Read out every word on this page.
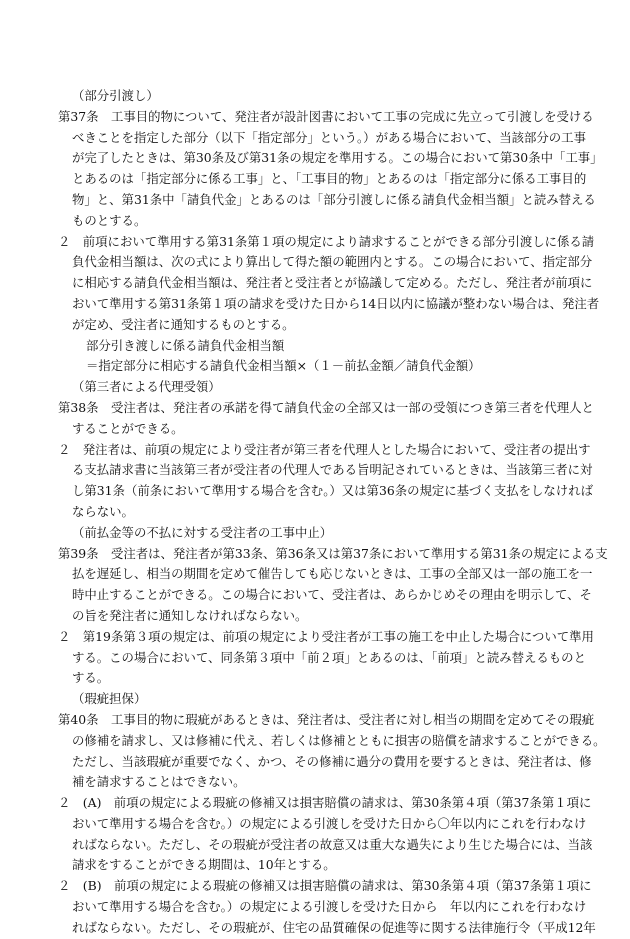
（部分引渡し）
第37条　工事目的物について、発注者が設計図書において工事の完成に先立って引渡しを受ける
べきことを指定した部分（以下「指定部分」という。）がある場合において、当該部分の工事
が完了したときは、第30条及び第31条の規定を準用する。この場合において第30条中「工事」
とあるのは「指定部分に係る工事」と、「工事目的物」とあるのは「指定部分に係る工事目的
物」と、第31条中「請負代金」とあるのは「部分引渡しに係る請負代金相当額」と読み替える
ものとする。
２　前項において準用する第31条第１項の規定により請求することができる部分引渡しに係る請
負代金相当額は、次の式により算出して得た額の範囲内とする。この場合において、指定部分
に相応する請負代金相当額は、発注者と受注者とが協議して定める。ただし、発注者が前項に
おいて準用する第31条第１項の請求を受けた日から14日以内に協議が整わない場合は、発注者
が定め、受注者に通知するものとする。
部分引き渡しに係る請負代金相当額
＝指定部分に相応する請負代金相当額×（１－前払金額／請負代金額）
（第三者による代理受領）
第38条　受注者は、発注者の承諾を得て請負代金の全部又は一部の受領につき第三者を代理人と
することができる。
２　発注者は、前項の規定により受注者が第三者を代理人とした場合において、受注者の提出す
る支払請求書に当該第三者が受注者の代理人である旨明記されているときは、当該第三者に対
し第31条（前条において準用する場合を含む。）又は第36条の規定に基づく支払をしなければ
ならない。
（前払金等の不払に対する受注者の工事中止）
第39条　受注者は、発注者が第33条、第36条又は第37条において準用する第31条の規定による支
払を遅延し、相当の期間を定めて催告しても応じないときは、工事の全部又は一部の施工を一
時中止することができる。この場合において、受注者は、あらかじめその理由を明示して、そ
の旨を発注者に通知しなければならない。
２　第19条第３項の規定は、前項の規定により受注者が工事の施工を中止した場合について準用
する。この場合において、同条第３項中「前２項」とあるのは、「前項」と読み替えるものと
する。
（瑕疵担保）
第40条　工事目的物に瑕疵があるときは、発注者は、受注者に対し相当の期間を定めてその瑕疵
の修補を請求し、又は修補に代え、若しくは修補とともに損害の賠償を請求することができる。
ただし、当該瑕疵が重要でなく、かつ、その修補に過分の費用を要するときは、発注者は、修
補を請求することはできない。
２　(A)　前項の規定による瑕疵の修補又は損害賠償の請求は、第30条第４項（第37条第１項に
おいて準用する場合を含む。）の規定による引渡しを受けた日から〇年以内にこれを行わなけ
ればならない。ただし、その瑕疵が受注者の故意又は重大な過失により生じた場合には、当該
請求をすることができる期間は、10年とする。
２　(B)　前項の規定による瑕疵の修補又は損害賠償の請求は、第30条第４項（第37条第１項に
おいて準用する場合を含む。）の規定による引渡しを受けた日から　年以内にこれを行わなけ
ればならない。ただし、その瑕疵が、住宅の品質確保の促進等に関する法律施行令（平成12年
